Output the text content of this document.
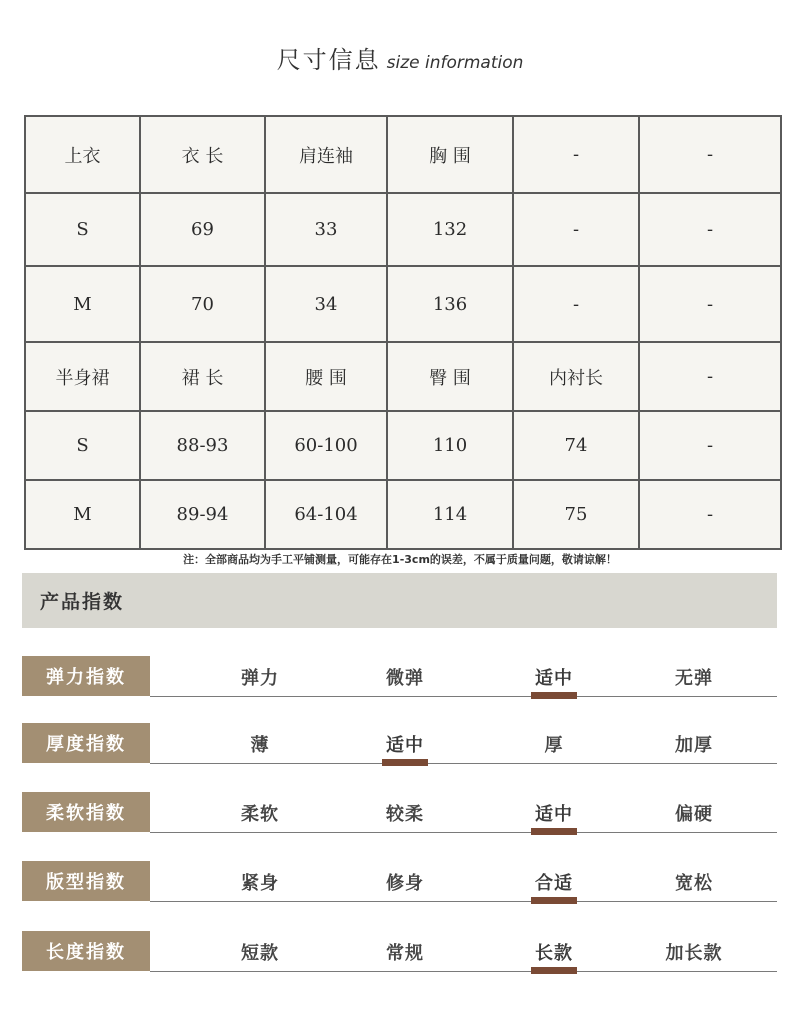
尺寸信息 size information
上衣	衣 长	肩连袖	胸 围	-	-
S	69	33	132	-	-
M	70	34	136	-	-
半身裙	裙 长	腰 围	臀 围	内衬长	-
S	88-93	60-100	110	74	-
M	89-94	64-104	114	75	-
注：全部商品均为手工平铺测量，可能存在1-3cm的误差，不属于质量问题，敬请谅解！
产品指数
弹力指数	弹力	微弹	适中	无弹
厚度指数	薄	适中	厚	加厚
柔软指数	柔软	较柔	适中	偏硬
版型指数	紧身	修身	合适	宽松
长度指数	短款	常规	长款	加长款
